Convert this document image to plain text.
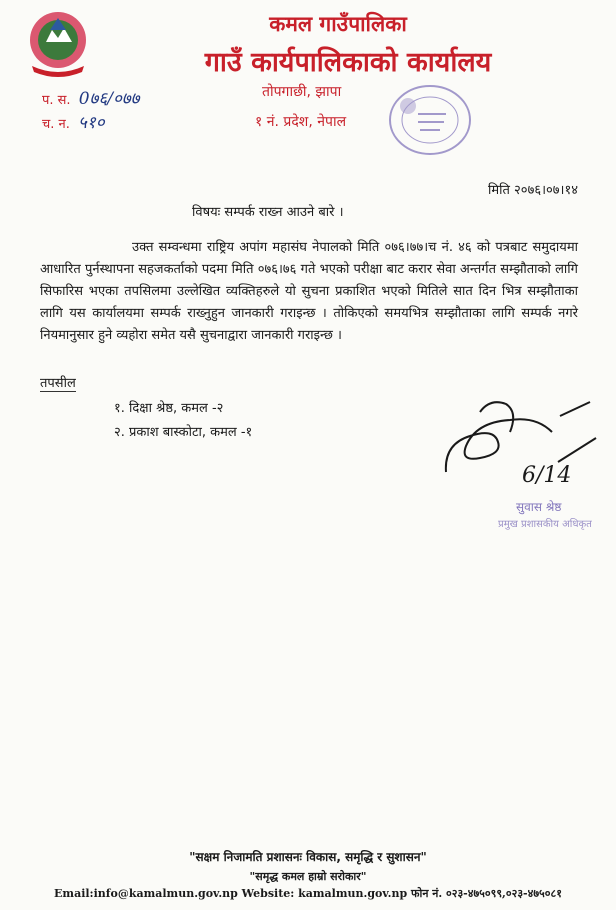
कमल गाउँपालिका
गाउँ कार्यपालिकाको कार्यालय
तोपगाछी, झापा
१ नं. प्रदेश, नेपाल
प. स. 0७६/०७७
च. न. ५१०
मिति २०७६।०७।१४
विषयः सम्पर्क राख्न आउने बारे ।

उक्त सम्वन्धमा राष्ट्रिय अपांग महासंघ नेपालको मिति ०७६।७७।च नं. ४६ को पत्रबाट समुदायमा आधारित पुर्नस्थापना सहजकर्ताको पदमा मिति ०७६।७६ गते भएको परीक्षा बाट करार सेवा अन्तर्गत सम्झौताको लागि सिफारिस भएका तपसिलमा उल्लेखित व्यक्तिहरुले यो सुचना प्रकाशित भएको मितिले सात दिन भित्र सम्झौताका लागि यस कार्यालयमा सम्पर्क राख्नुहुन जानकारी गराइन्छ । तोकिएको समयभित्र सम्झौताका लागि सम्पर्क नगरे नियमानुसार हुने व्यहोरा समेत यसै सुचनाद्वारा जानकारी गराइन्छ ।

तपसील
१. दिक्षा श्रेष्ठ, कमल -२
२. प्रकाश बास्कोटा, कमल -१
6/14
सुवास श्रेष्ठ
प्रमुख प्रशासकीय अधिकृत
"सक्षम निजामति प्रशासनः विकास, समृद्धि र सुशासन"
"समृद्ध कमल हाम्रो सरोकार"
Email:info@kamalmun.gov.np Website: kamalmun.gov.np फोन नं. ०२३-४७५०९९,०२३-४७५०८१
